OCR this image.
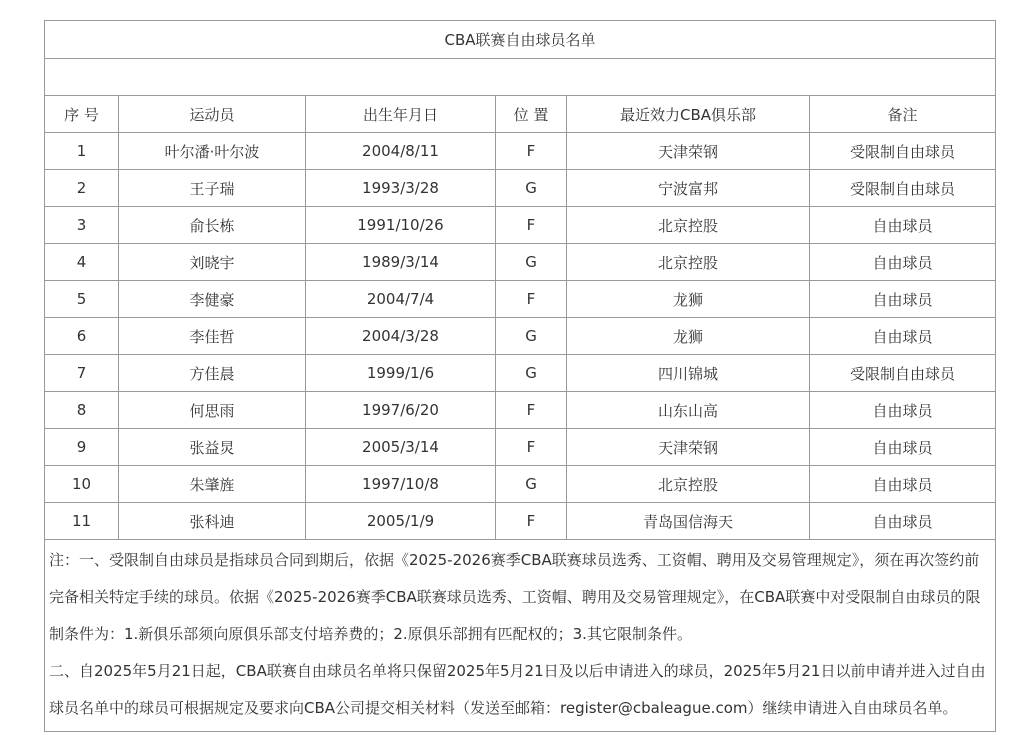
CBA联赛自由球员名单					

序 号	运动员	出生年月日	位 置	最近效力CBA俱乐部	备注
1	叶尔潘·叶尔波	2004/8/11	F	天津荣钢	受限制自由球员
2	王子瑞	1993/3/28	G	宁波富邦	受限制自由球员
3	俞长栋	1991/10/26	F	北京控股	自由球员
4	刘晓宇	1989/3/14	G	北京控股	自由球员
5	李健豪	2004/7/4	F	龙狮	自由球员
6	李佳哲	2004/3/28	G	龙狮	自由球员
7	方佳晨	1999/1/6	G	四川锦城	受限制自由球员
8	何思雨	1997/6/20	F	山东山高	自由球员
9	张益炅	2005/3/14	F	天津荣钢	自由球员
10	朱肇旌	1997/10/8	G	北京控股	自由球员
11	张科迪	2005/1/9	F	青岛国信海天	自由球员

注：一、受限制自由球员是指球员合同到期后，依据《2025-2026赛季CBA联赛球员选秀、工资帽、聘用及交易管理规定》，须在再次签约前完备相关特定手续的球员。依据《2025-2026赛季CBA联赛球员选秀、工资帽、聘用及交易管理规定》，在CBA联赛中对受限制自由球员的限制条件为：1.新俱乐部须向原俱乐部支付培养费的；2.原俱乐部拥有匹配权的；3.其它限制条件。

二、自2025年5月21日起，CBA联赛自由球员名单将只保留2025年5月21日及以后申请进入的球员，2025年5月21日以前申请并进入过自由球员名单中的球员可根据规定及要求向CBA公司提交相关材料（发送至邮箱：register@cbaleague.com）继续申请进入自由球员名单。					
